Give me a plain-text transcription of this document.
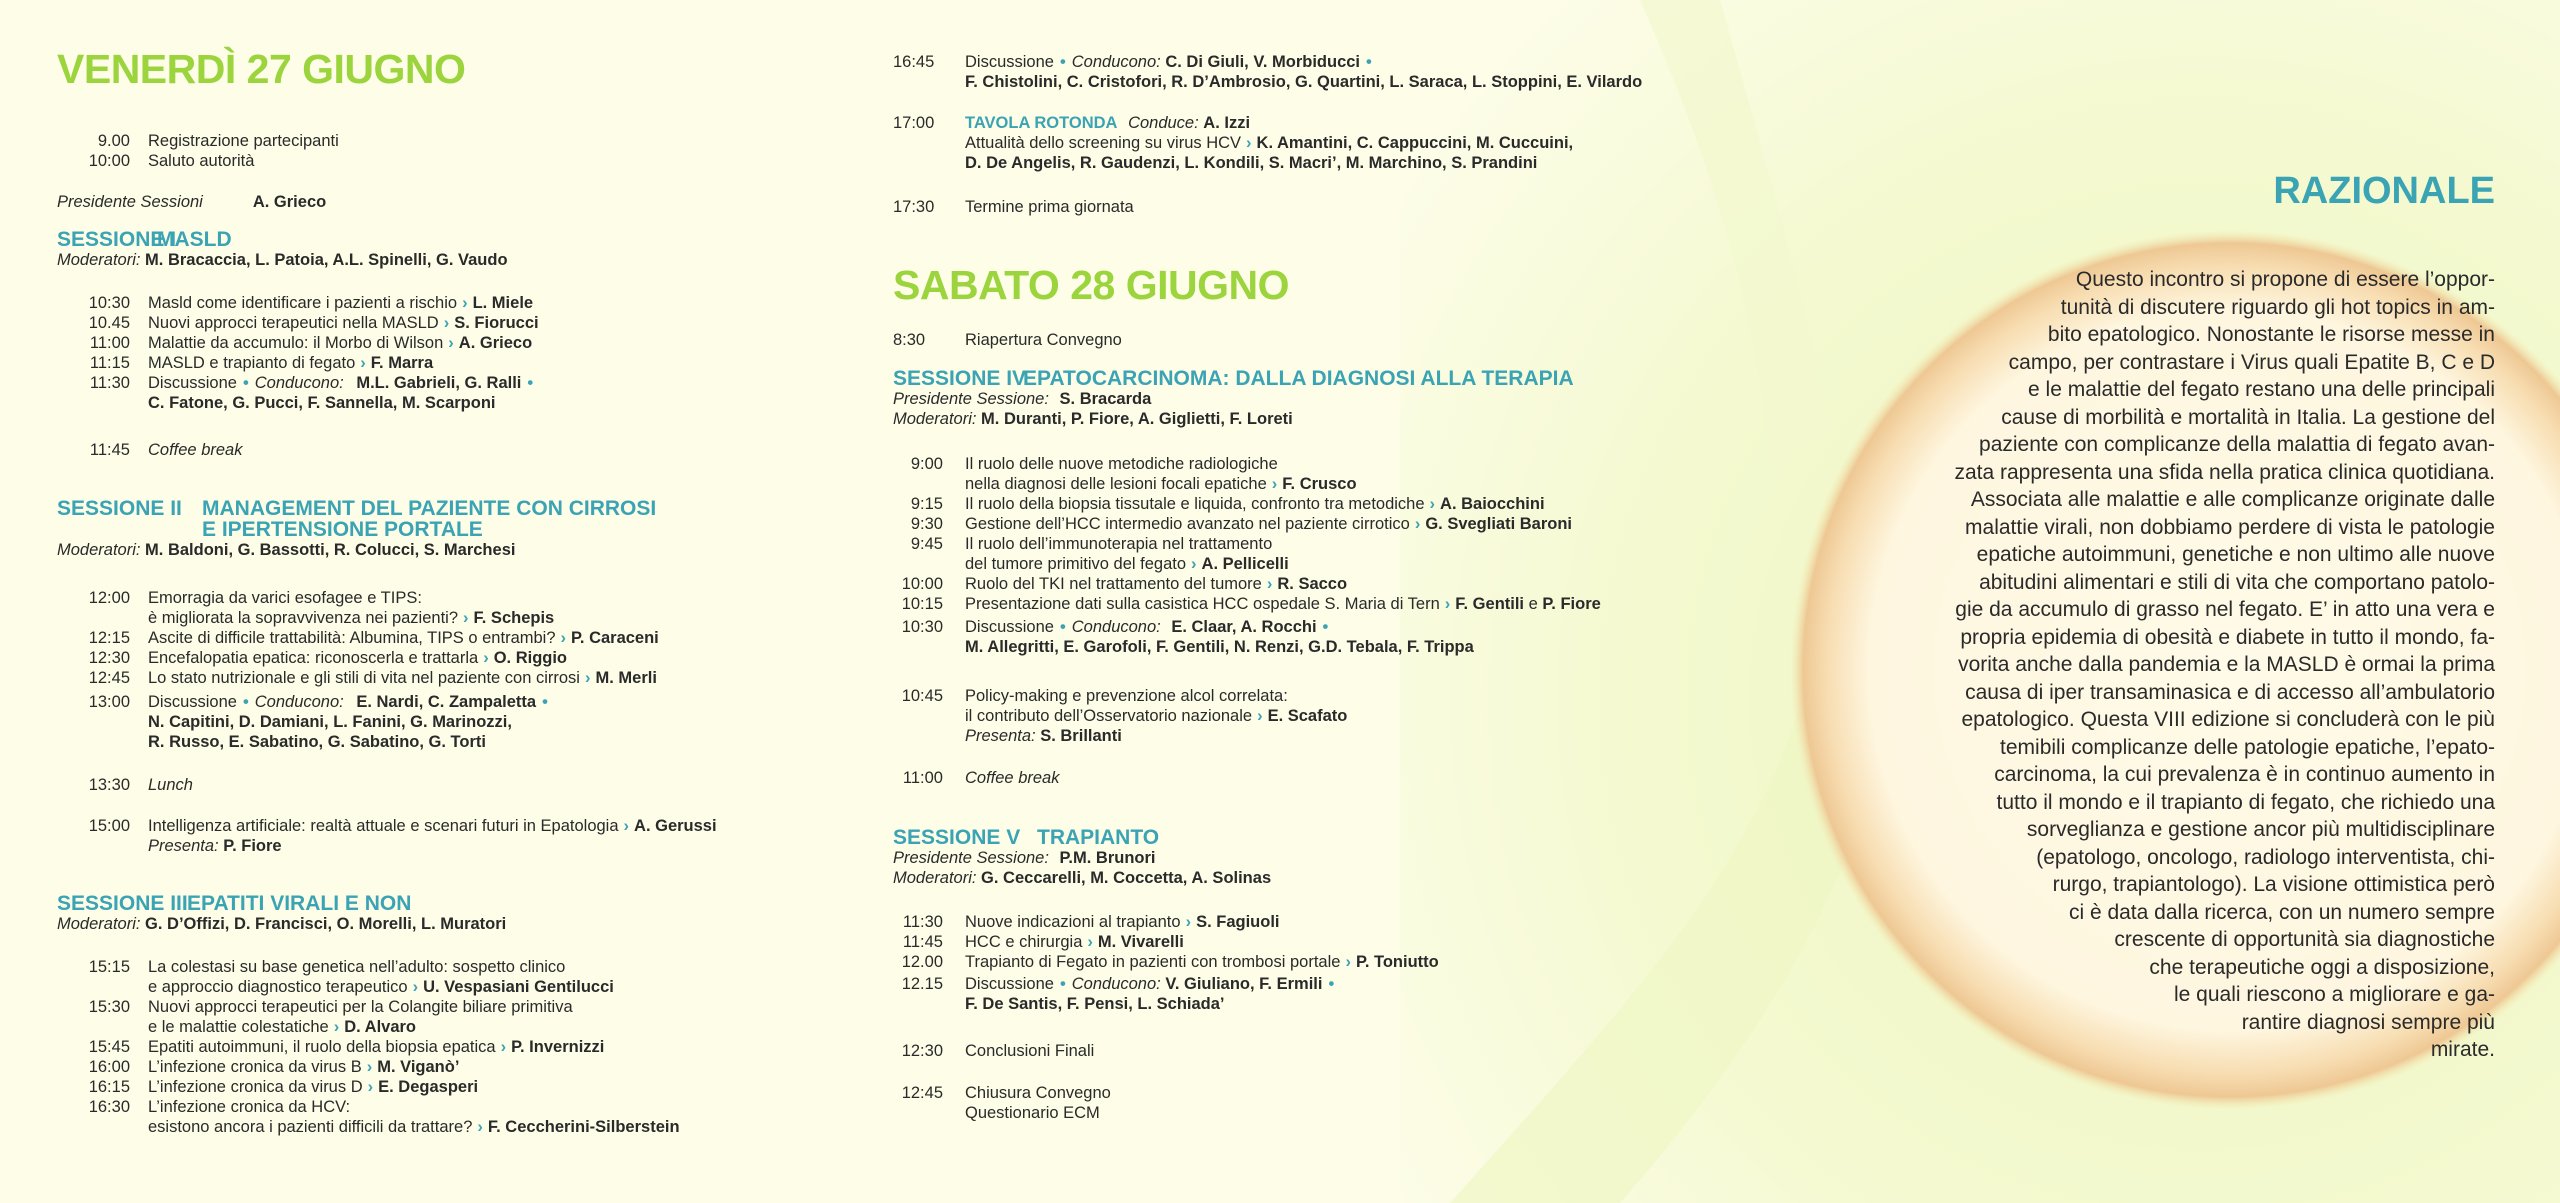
VENERDÌ 27 GIUGNO
9.00	Registrazione partecipanti
10:00	Saluto autorità
Presidente Sessioni	A. Grieco
SESSIONE IMASLD
Moderatori: M. Bracaccia, L. Patoia, A.L. Spinelli, G. Vaudo
10:30	Masld come identificare i pazienti a rischio › L. Miele
10.45	Nuovi approcci terapeutici nella MASLD › S. Fiorucci
11:00	Malattie da accumulo: il Morbo di Wilson › A. Grieco
11:15	MASLD e trapianto di fegato › F. Marra
11:30	Discussione • Conducono: M.L. Gabrieli, G. Ralli •
C. Fatone, G. Pucci, F. Sannella, M. Scarponi
11:45	Coffee break
SESSIONE II MANAGEMENT DEL PAZIENTE CON CIRROSI
E IPERTENSIONE PORTALE
Moderatori: M. Baldoni, G. Bassotti, R. Colucci, S. Marchesi
12:00	Emorragia da varici esofagee e TIPS:
è migliorata la sopravvivenza nei pazienti? › F. Schepis
12:15	Ascite di difficile trattabilità: Albumina, TIPS o entrambi? › P. Caraceni
12:30	Encefalopatia epatica: riconoscerla e trattarla › O. Riggio
12:45	Lo stato nutrizionale e gli stili di vita nel paziente con cirrosi › M. Merli
13:00	Discussione • Conducono: E. Nardi, C. Zampaletta •
N. Capitini, D. Damiani, L. Fanini, G. Marinozzi,
R. Russo, E. Sabatino, G. Sabatino, G. Torti
13:30	Lunch
15:00	Intelligenza artificiale: realtà attuale e scenari futuri in Epatologia › A. Gerussi
Presenta: P. Fiore
SESSIONE IIIEPATITI VIRALI E NON
Moderatori: G. D’Offizi, D. Francisci, O. Morelli, L. Muratori
15:15	La colestasi su base genetica nell’adulto: sospetto clinico
e approccio diagnostico terapeutico › U. Vespasiani Gentilucci
15:30	Nuovi approcci terapeutici per la Colangite biliare primitiva
e le malattie colestatiche › D. Alvaro
15:45	Epatiti autoimmuni, il ruolo della biopsia epatica › P. Invernizzi
16:00	L’infezione cronica da virus B › M. Viganò’
16:15	L’infezione cronica da virus D › E. Degasperi
16:30	L’infezione cronica da HCV:
esistono ancora i pazienti difficili da trattare? › F. Ceccherini-Silberstein
16:45	Discussione • Conducono: C. Di Giuli, V. Morbiducci •
F. Chistolini, C. Cristofori, R. D’Ambrosio, G. Quartini, L. Saraca, L. Stoppini, E. Vilardo
17:00	TAVOLA ROTONDA Conduce: A. Izzi
Attualità dello screening su virus HCV › K. Amantini, C. Cappuccini, M. Cuccuini,
D. De Angelis, R. Gaudenzi, L. Kondili, S. Macri’, M. Marchino, S. Prandini
17:30	Termine prima giornata
SABATO 28 GIUGNO
8:30	Riapertura Convegno
SESSIONE IVEPATOCARCINOMA: DALLA DIAGNOSI ALLA TERAPIA
Presidente Sessione: S. Bracarda
Moderatori: M. Duranti, P. Fiore, A. Giglietti, F. Loreti
9:00	Il ruolo delle nuove metodiche radiologiche
nella diagnosi delle lesioni focali epatiche › F. Crusco
9:15	Il ruolo della biopsia tissutale e liquida, confronto tra metodiche › A. Baiocchini
9:30	Gestione dell’HCC intermedio avanzato nel paziente cirrotico › G. Svegliati Baroni
9:45	Il ruolo dell’immunoterapia nel trattamento
del tumore primitivo del fegato › A. Pellicelli
10:00	Ruolo del TKI nel trattamento del tumore › R. Sacco
10:15	Presentazione dati sulla casistica HCC ospedale S. Maria di Tern › F. Gentili e P. Fiore
10:30	Discussione • Conducono: E. Claar, A. Rocchi •
M. Allegritti, E. Garofoli, F. Gentili, N. Renzi, G.D. Tebala, F. Trippa
10:45	Policy-making e prevenzione alcol correlata:
il contributo dell’Osservatorio nazionale › E. Scafato
Presenta: S. Brillanti
11:00	Coffee break
SESSIONE V TRAPIANTO
Presidente Sessione: P.M. Brunori
Moderatori: G. Ceccarelli, M. Coccetta, A. Solinas
11:30	Nuove indicazioni al trapianto › S. Fagiuoli
11:45	HCC e chirurgia › M. Vivarelli
12.00	Trapianto di Fegato in pazienti con trombosi portale › P. Toniutto
12.15	Discussione • Conducono: V. Giuliano, F. Ermili •
F. De Santis, F. Pensi, L. Schiada’
12:30	Conclusioni Finali
12:45	Chiusura Convegno
Questionario ECM
RAZIONALE
Questo incontro si propone di essere l’oppor-
tunità di discutere riguardo gli hot topics in am-
bito epatologico. Nonostante le risorse messe in
campo, per contrastare i Virus quali Epatite B, C e D
e le malattie del fegato restano una delle principali
cause di morbilità e mortalità in Italia. La gestione del
paziente con complicanze della malattia di fegato avan-
zata rappresenta una sfida nella pratica clinica quotidiana.
Associata alle malattie e alle complicanze originate dalle
malattie virali, non dobbiamo perdere di vista le patologie
epatiche autoimmuni, genetiche e non ultimo alle nuove
abitudini alimentari e stili di vita che comportano patolo-
gie da accumulo di grasso nel fegato. E’ in atto una vera e
propria epidemia di obesità e diabete in tutto il mondo, fa-
vorita anche dalla pandemia e la MASLD è ormai la prima
causa di iper transaminasica e di accesso all’ambulatorio
epatologico. Questa VIII edizione si concluderà con le più
temibili complicanze delle patologie epatiche, l’epato-
carcinoma, la cui prevalenza è in continuo aumento in
tutto il mondo e il trapianto di fegato, che richiedo una
sorveglianza e gestione ancor più multidisciplinare
(epatologo, oncologo, radiologo interventista, chi-
rurgo, trapiantologo). La visione ottimistica però
ci è data dalla ricerca, con un numero sempre
crescente di opportunità sia diagnostiche
che terapeutiche oggi a disposizione,
le quali riescono a migliorare e ga-
rantire diagnosi sempre più
mirate.
